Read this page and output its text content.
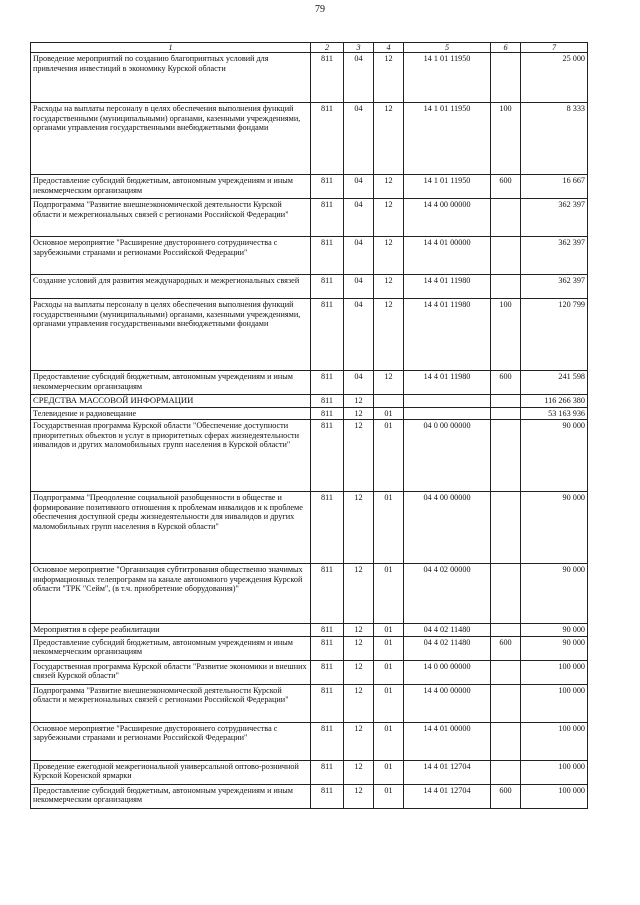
79
1	2	3	4	5	6	7
Проведение мероприятий по созданию благоприятных условий для привлечения инвестиций в экономику Курской области	811	04	12	14 1 01 11950		25 000
Расходы на выплаты персоналу в целях обеспечения выполнения функций государственными (муниципальными) органами, казенными учреждениями, органами управления государственными внебюджетными фондами	811	04	12	14 1 01 11950	100	8 333
Предоставление субсидий бюджетным, автономным учреждениям и иным некоммерческим организациям	811	04	12	14 1 01 11950	600	16 667
Подпрограмма "Развитие внешнеэкономической деятельности Курской области и межрегиональных связей с регионами Российской Федерации"	811	04	12	14 4 00 00000		362 397
Основное мероприятие "Расширение двустороннего сотрудничества с зарубежными странами и регионами Российской Федерации"	811	04	12	14 4 01 00000		362 397
Создание условий для развития международных и межрегиональных связей	811	04	12	14 4 01 11980		362 397
Расходы на выплаты персоналу в целях обеспечения выполнения функций государственными (муниципальными) органами, казенными учреждениями, органами управления государственными внебюджетными фондами	811	04	12	14 4 01 11980	100	120 799
Предоставление субсидий бюджетным, автономным учреждениям и иным некоммерческим организациям	811	04	12	14 4 01 11980	600	241 598
СРЕДСТВА МАССОВОЙ ИНФОРМАЦИИ	811	12				116 266 380
Телевидение и радиовещание	811	12	01			53 163 936
Государственная программа Курской области "Обеспечение доступности приоритетных объектов и услуг в приоритетных сферах жизнедеятельности инвалидов и других маломобильных групп населения в Курской области"	811	12	01	04 0 00 00000		90 000
Подпрограмма "Преодоление социальной разобщенности в обществе и формирование позитивного отношения к проблемам инвалидов и к проблеме обеспечения доступной среды жизнедеятельности для инвалидов и других маломобильных групп населения в Курской области"	811	12	01	04 4 00 00000		90 000
Основное мероприятие "Организация субтитрования общественно значимых информационных телепрограмм на канале автономного учреждения Курской области "ТРК "Сейм", (в т.ч. приобретение оборудования)"	811	12	01	04 4 02 00000		90 000
Мероприятия в сфере реабилитации	811	12	01	04 4 02 11480		90 000
Предоставление субсидий бюджетным, автономным учреждениям и иным некоммерческим организациям	811	12	01	04 4 02 11480	600	90 000
Государственная программа Курской области "Развитие экономики и внешних связей Курской области"	811	12	01	14 0 00 00000		100 000
Подпрограмма "Развитие внешнеэкономической деятельности Курской области и межрегиональных связей с регионами Российской Федерации"	811	12	01	14 4 00 00000		100 000
Основное мероприятие "Расширение двустороннего сотрудничества с зарубежными странами и регионами Российской Федерации"	811	12	01	14 4 01 00000		100 000
Проведение ежегодной межрегиональной универсальной оптово-розничной Курской Коренской ярмарки	811	12	01	14 4 01 12704		100 000
Предоставление субсидий бюджетным, автономным учреждениям и иным некоммерческим организациям	811	12	01	14 4 01 12704	600	100 000
